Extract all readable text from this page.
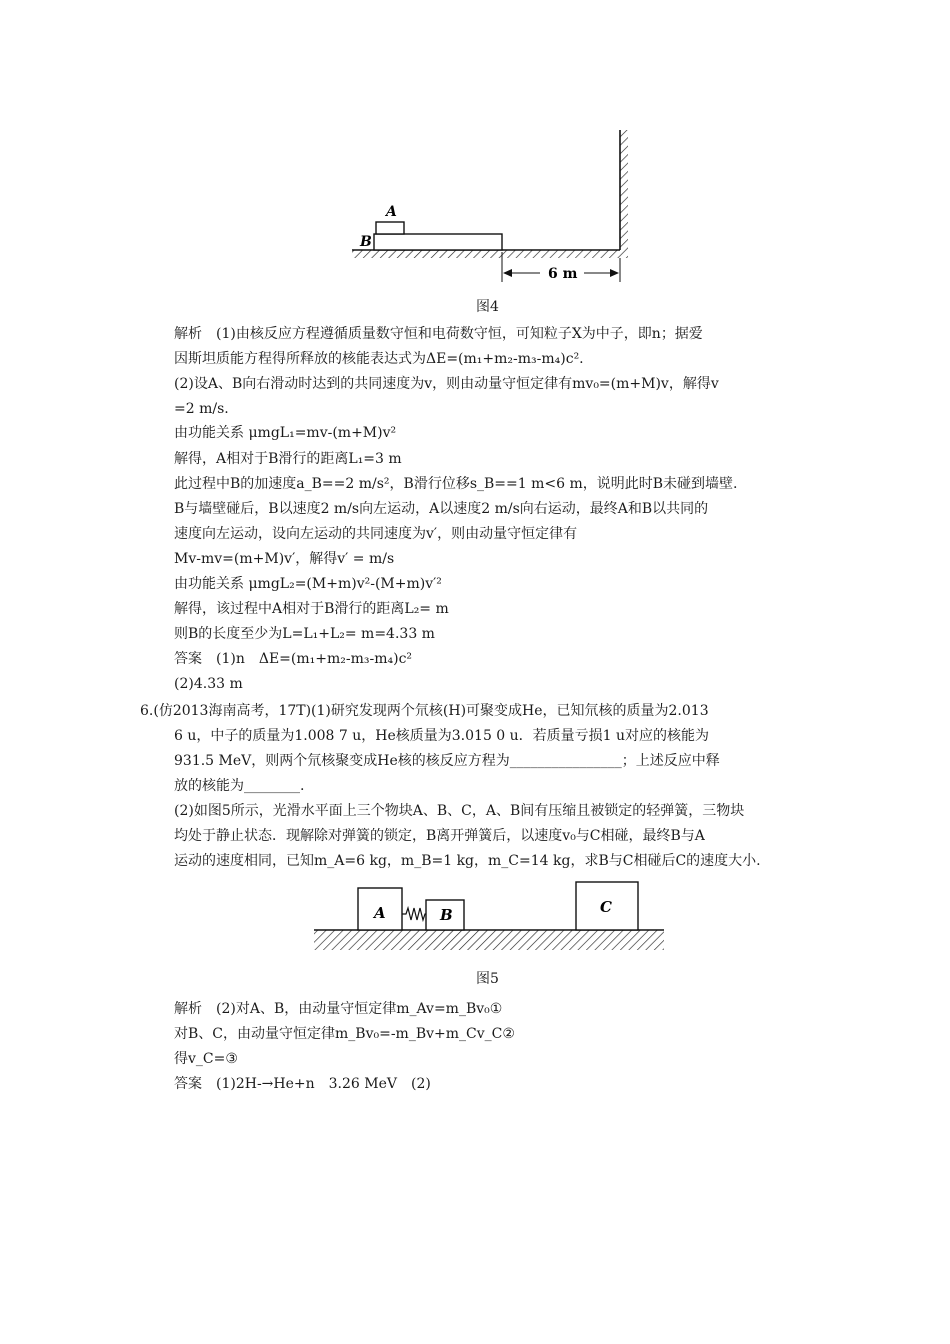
A
B
6 m
图4
解析　(1)由核反应方程遵循质量数守恒和电荷数守恒，可知粒子X为中子，即n；据爱
因斯坦质能方程得所释放的核能表达式为ΔE=(m₁+m₂-m₃-m₄)c².
(2)设A、B向右滑动时达到的共同速度为v，则由动量守恒定律有mv₀=(m+M)v，解得v
=2 m/s.
由功能关系 μmgL₁=mv-(m+M)v²
解得，A相对于B滑行的距离L₁=3 m
此过程中B的加速度a_B==2 m/s²，B滑行位移s_B==1 m<6 m，说明此时B未碰到墙壁.
B与墙壁碰后，B以速度2 m/s向左运动，A以速度2 m/s向右运动，最终A和B以共同的
速度向左运动，设向左运动的共同速度为v′，则由动量守恒定律有
Mv-mv=(m+M)v′，解得v′ = m/s
由功能关系 μmgL₂=(M+m)v²-(M+m)v′²
解得，该过程中A相对于B滑行的距离L₂= m
则B的长度至少为L=L₁+L₂= m=4.33 m
答案　(1)n　ΔE=(m₁+m₂-m₃-m₄)c²
(2)4.33 m
6.(仿2013海南高考，17T)(1)研究发现两个氘核(H)可聚变成He，已知氘核的质量为2.013
6 u，中子的质量为1.008 7 u，He核质量为3.015 0 u．若质量亏损1 u对应的核能为
931.5 MeV，则两个氘核聚变成He核的核反应方程为________________；上述反应中释
放的核能为________.
(2)如图5所示，光滑水平面上三个物块A、B、C，A、B间有压缩且被锁定的轻弹簧，三物块
均处于静止状态．现解除对弹簧的锁定，B离开弹簧后，以速度v₀与C相碰，最终B与A
运动的速度相同，已知m_A=6 kg，m_B=1 kg，m_C=14 kg，求B与C相碰后C的速度大小.
A	B	C
图5
解析　(2)对A、B，由动量守恒定律m_Av=m_Bv₀①
对B、C，由动量守恒定律m_Bv₀=-m_Bv+m_Cv_C②
得v_C=③
答案　(1)2H-→He+n　3.26 MeV　(2)
